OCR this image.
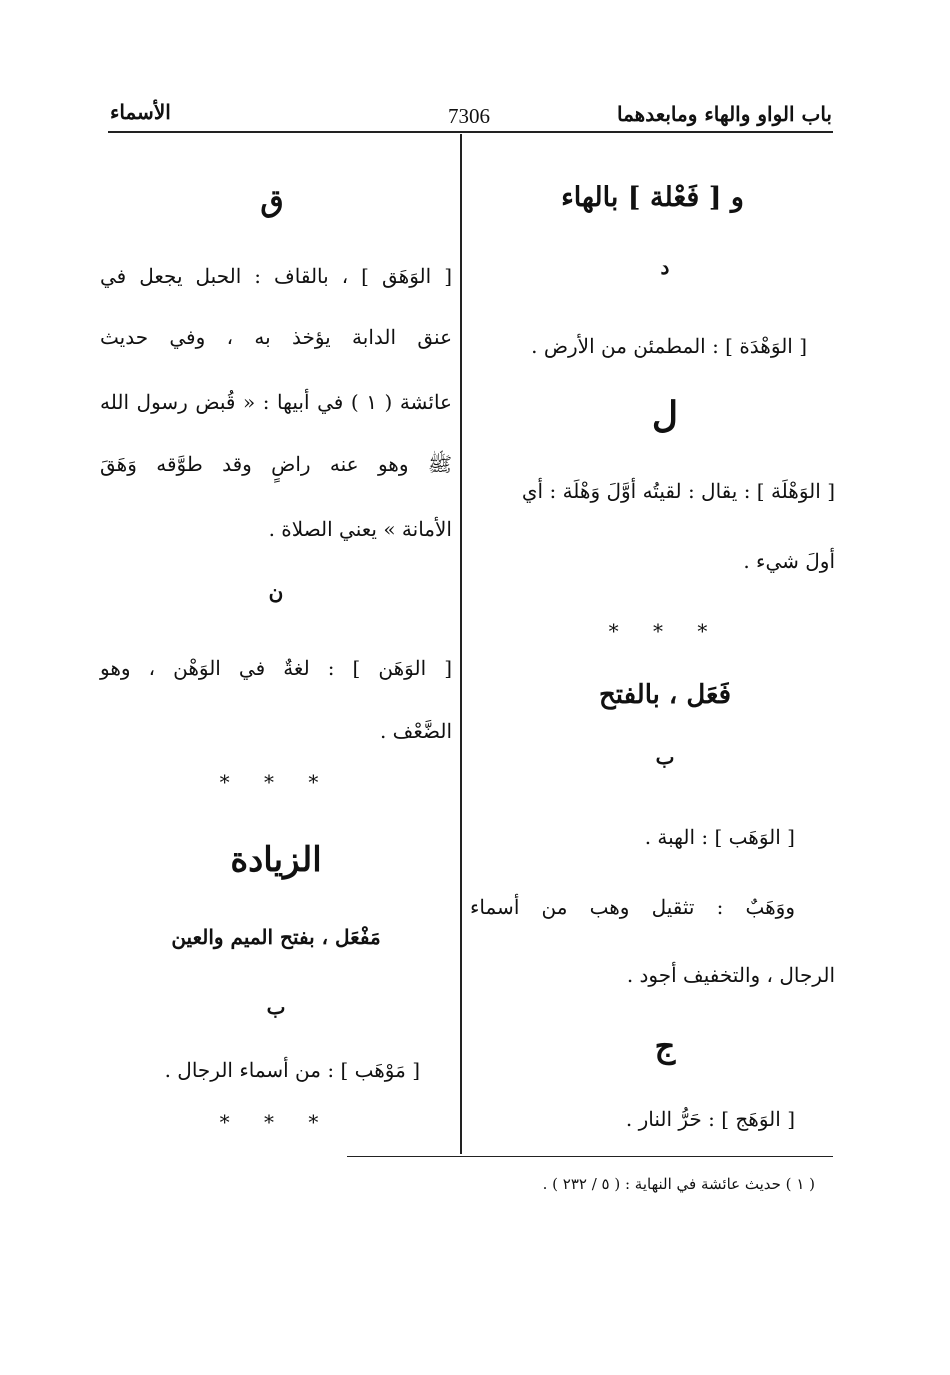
باب الواو والهاء ومابعدهما
7306
الأسماء

و [ فَعْلة ] بالهاء

د

[ الوَهْدَة ] : المطمئن من الأرض .

ل

[ الوَهْلَة ] : يقال : لقيتُه أوَّلَ وَهْلَة : أي

أولَ شيء .

* * *

فَعَل ، بالفتح

ب

[ الوَهَب ] : الهبة .

ووَهَبٌ : تثقيل وهب من أسماء

الرجال ، والتخفيف أجود .

ج

[ الوَهَج ] : حَرُّ النار .

ق

[ الوَهَق ] ، بالقاف : الحبل يجعل في

عنق الدابة يؤخذ به ، وفي حديث

عائشة ( ١ ) في أبيها : « قُبض رسول الله

ﷺ وهو عنه راضٍ وقد طوَّقه وَهَقَ

الأمانة » يعني الصلاة .

ن

[ الوَهَن ] : لغةٌ في الوَهْن ، وهو

الضَّعْف .

* * *

الزيادة

مَفْعَل ، بفتح الميم والعين

ب

[ مَوْهَب ] : من أسماء الرجال .

* * *

( ١ ) حديث عائشة في النهاية : ( ٥ / ٢٣٢ ) .
